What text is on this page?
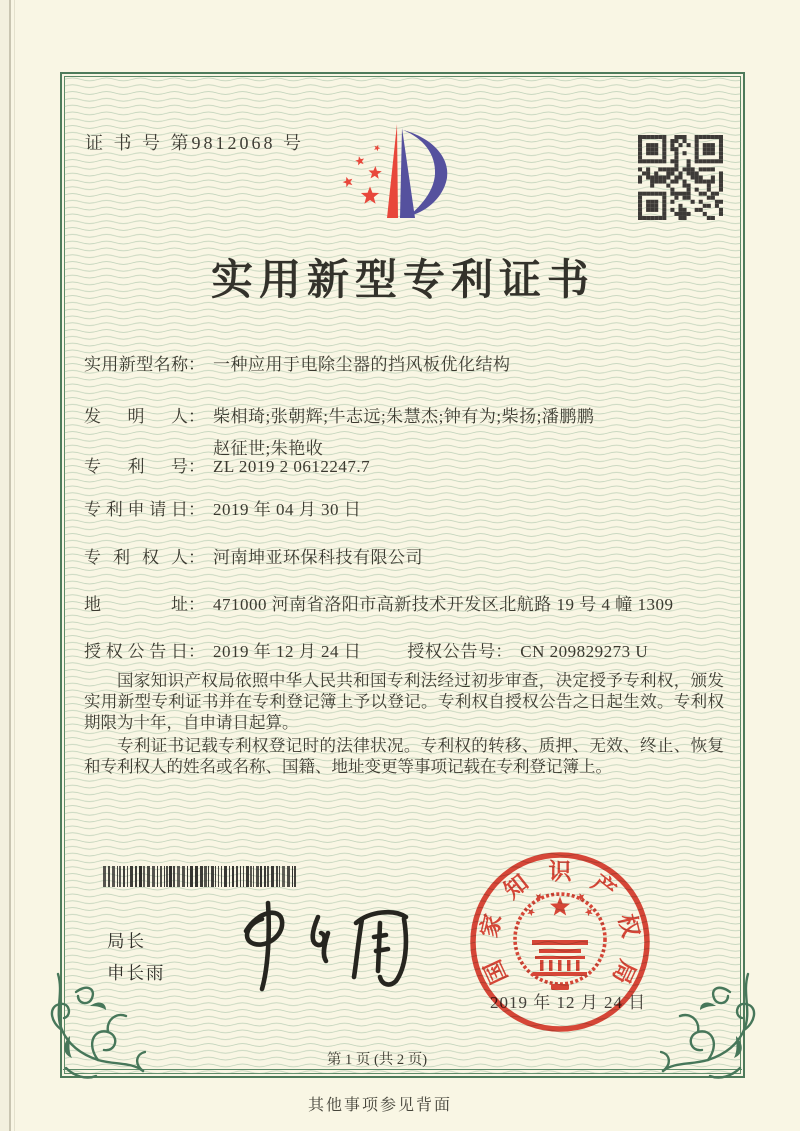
证 书 号 第9812068 号
实用新型专利证书
实用新型名称： 一种应用于电除尘器的挡风板优化结构
发明人 ： 柴相琦;张朝辉;牛志远;朱慧杰;钟有为;柴扬;潘鹏鹏
赵征世;朱艳收
专利号： ZL 2019 2 0612247.7
专利申请日： 2019 年 04 月 30 日
专利权人： 河南坤亚环保科技有限公司
地址： 471000 河南省洛阳市高新技术开发区北航路 19 号 4 幢 1309
授权公告日： 2019 年 12 月 24 日	授权公告号： CN 209829273 U

国家知识产权局依照中华人民共和国专利法经过初步审查，决定授予专利权，颁发实用新型专利证书并在专利登记簿上予以登记。专利权自授权公告之日起生效。专利权期限为十年，自申请日起算。

专利证书记载专利权登记时的法律状况。专利权的转移、质押、无效、终止、恢复和专利权人的姓名或名称、国籍、地址变更等事项记载在专利登记簿上。

局长
申长雨
2019 年 12 月 24 日
国
家
知 识 产
权
局
第 1 页 (共 2 页)
其他事项参见背面
